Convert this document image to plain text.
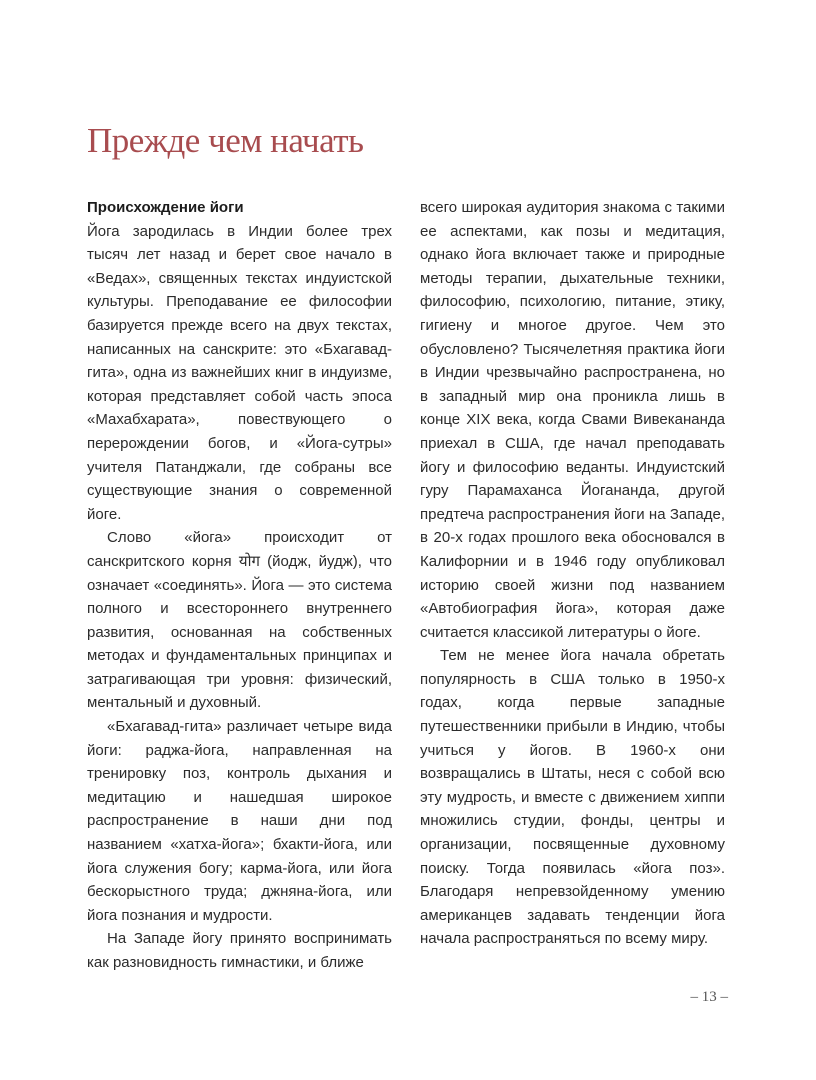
Прежде чем начать

Происхождение йоги

Йога зародилась в Индии более трех тысяч лет назад и берет свое начало в «Ведах», священных текстах индуистской культуры. Преподавание ее философии базируется прежде всего на двух текстах, написанных на санскрите: это «Бхагавад-гита», одна из важнейших книг в индуизме, которая представляет собой часть эпоса «Махабхарата», повествующего о перерождении богов, и «Йога-сутры» учителя Патанджали, где собраны все существующие знания о современной йоге.

Слово «йога» происходит от санскритского корня योग (йодж, йудж), что означает «соединять». Йога — это система полного и всестороннего внутреннего развития, основанная на собственных методах и фундаментальных принципах и затрагивающая три уровня: физический, ментальный и духовный.

«Бхагавад-гита» различает четыре вида йоги: раджа-йога, направленная на тренировку поз, контроль дыхания и медитацию и нашедшая широкое распространение в наши дни под названием «хатха-йога»; бхакти-йога, или йога служения богу; карма-йога, или йога бескорыстного труда; джняна-йога, или йога познания и мудрости.

На Западе йогу принято воспринимать как разновидность гимнастики, и ближе

всего широкая аудитория знакома с такими ее аспектами, как позы и медитация, однако йога включает также и природные методы терапии, дыхательные техники, философию, психологию, питание, этику, гигиену и многое другое. Чем это обусловлено? Тысячелетняя практика йоги в Индии чрезвычайно распространена, но в западный мир она проникла лишь в конце XIX века, когда Свами Вивекананда приехал в США, где начал преподавать йогу и философию веданты. Индуистский гуру Парамаханса Йогананда, другой предтеча распространения йоги на Западе, в 20-х годах прошлого века обосновался в Калифорнии и в 1946 году опубликовал историю своей жизни под названием «Автобиография йога», которая даже считается классикой литературы о йоге.

Тем не менее йога начала обретать популярность в США только в 1950-х годах, когда первые западные путешественники прибыли в Индию, чтобы учиться у йогов. В 1960-х они возвращались в Штаты, неся с собой всю эту мудрость, и вместе с движением хиппи множились студии, фонды, центры и организации, посвященные духовному поиску. Тогда появилась «йога поз». Благодаря непревзойденному умению американцев задавать тенденции йога начала распространяться по всему миру.

– 13 –
